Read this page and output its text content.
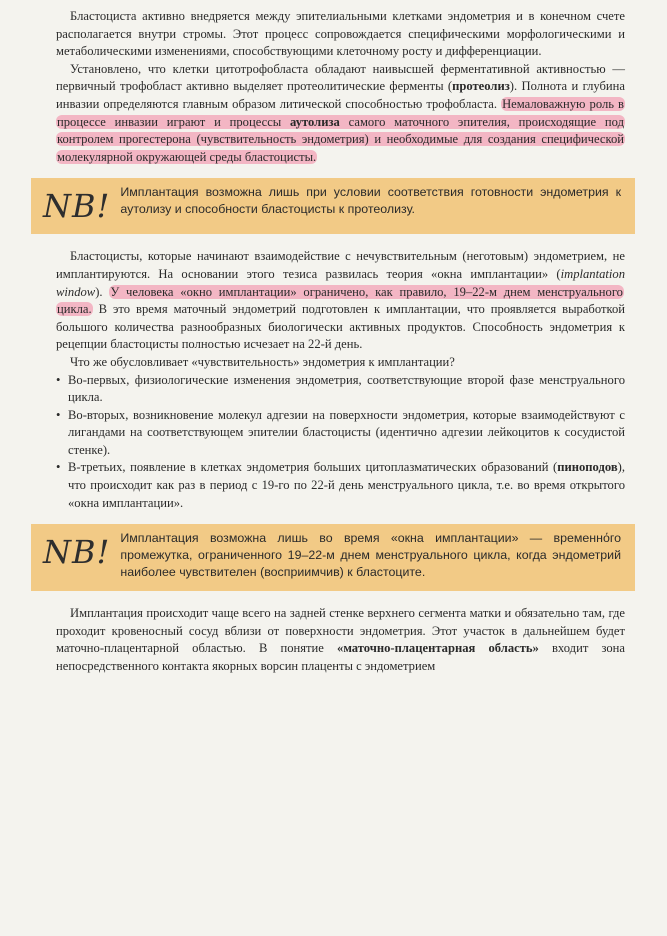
Бластоциста активно внедряется между эпителиальными клетками эндометрия и в конечном счете располагается внутри стромы. Этот процесс сопровождается специфическими морфологическими и метаболическими изменениями, способствующими клеточному росту и дифференциации.

Установлено, что клетки цитотрофобласта обладают наивысшей ферментативной активностью — первичный трофобласт активно выделяет протеолитические ферменты (протеолиз). Полнота и глубина инвазии определяются главным образом литической способностью трофобласта. Немаловажную роль в процессе инвазии играют и процессы аутолиза самого маточного эпителия, происходящие под контролем прогестерона (чувствительность эндометрия) и необходимые для создания специфической молекулярной окружающей среды бластоцисты.

NB! Имплантация возможна лишь при условии соответствия готовности эндометрия к аутолизу и способности бластоцисты к протеолизу.

Бластоцисты, которые начинают взаимодействие с нечувствительным (неготовым) эндометрием, не имплантируются. На основании этого тезиса развилась теория «окна имплантации» (implantation window). У человека «окно имплантации» ограничено, как правило, 19–22-м днем менструального цикла. В это время маточный эндометрий подготовлен к имплантации, что проявляется выработкой большого количества разнообразных биологически активных продуктов. Способность эндометрия к рецепции бластоцисты полностью исчезает на 22-й день.

Что же обусловливает «чувствительность» эндометрия к имплантации?

• Во-первых, физиологические изменения эндометрия, соответствующие второй фазе менструального цикла.
• Во-вторых, возникновение молекул адгезии на поверхности эндометрия, которые взаимодействуют с лигандами на соответствующем эпителии бластоцисты (идентично адгезии лейкоцитов к сосудистой стенке).
• В-третьих, появление в клетках эндометрия больших цитоплазматических образований (пиноподов), что происходит как раз в период с 19-го по 22-й день менструального цикла, т.е. во время открытого «окна имплантации».
NB! Имплантация возможна лишь во время «окна имплантации» — временнόго промежутка, ограниченного 19–22-м днем менструального цикла, когда эндометрий наиболее чувствителен (восприимчив) к бластоците.

Имплантация происходит чаще всего на задней стенке верхнего сегмента матки и обязательно там, где проходит кровеносный сосуд вблизи от поверхности эндометрия. Этот участок в дальнейшем будет маточно-плацентарной областью. В понятие «маточно-плацентарная область» входит зона непосредственного контакта якорных ворсин плаценты с эндометрием
